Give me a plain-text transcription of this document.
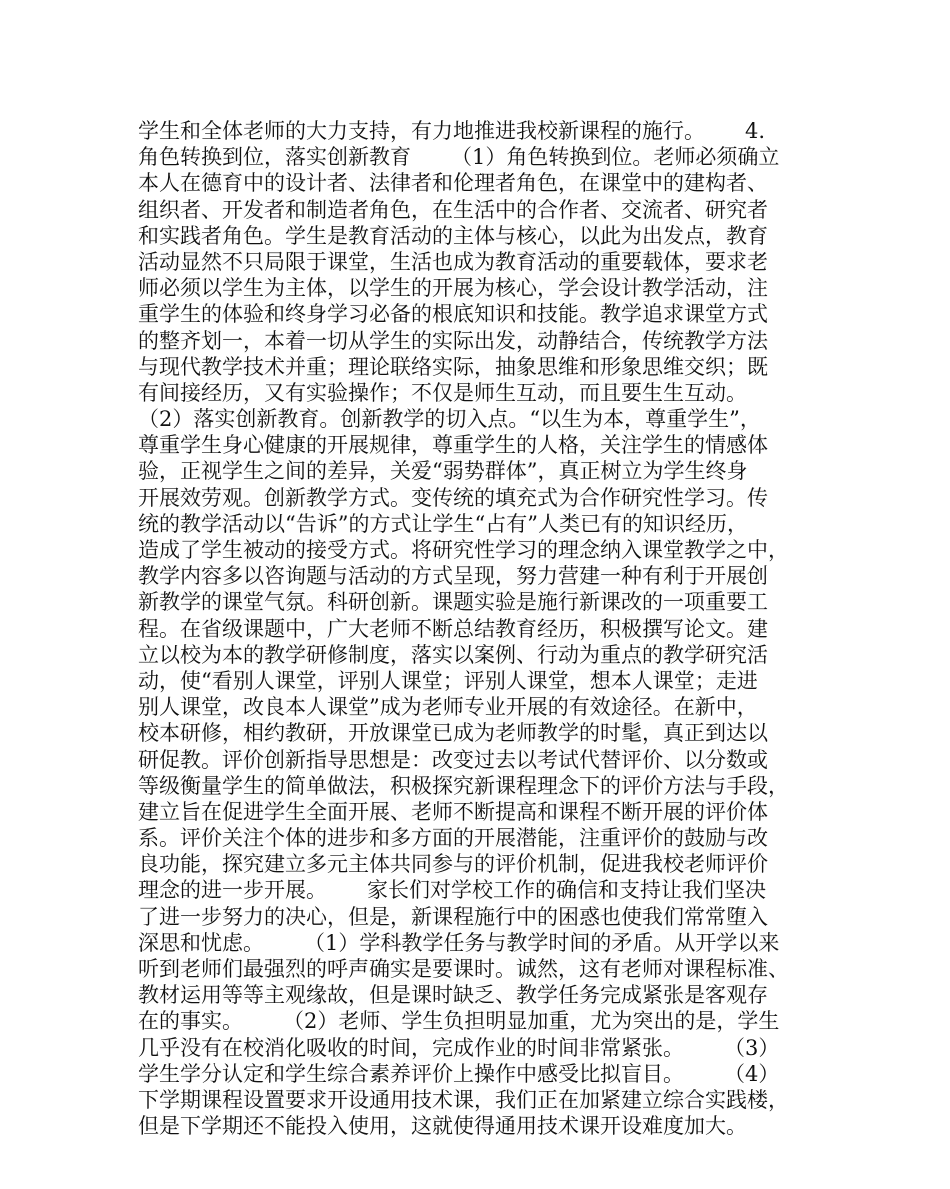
学生和全体老师的大力支持，有力地推进我校新课程的施行。      4.
角色转换到位，落实创新教育      （1）角色转换到位。老师必须确立
本人在德育中的设计者、法律者和伦理者角色，在课堂中的建构者、
组织者、开发者和制造者角色，在生活中的合作者、交流者、研究者
和实践者角色。学生是教育活动的主体与核心，以此为出发点，教育
活动显然不只局限于课堂，生活也成为教育活动的重要载体，要求老
师必须以学生为主体，以学生的开展为核心，学会设计教学活动，注
重学生的体验和终身学习必备的根底知识和技能。教学追求课堂方式
的整齐划一，本着一切从学生的实际出发，动静结合，传统教学方法
与现代教学技术并重；理论联络实际，抽象思维和形象思维交织；既
有间接经历，又有实验操作；不仅是师生互动，而且要生生互动。
（2）落实创新教育。创新教学的切入点。“以生为本，尊重学生”，
尊重学生身心健康的开展规律，尊重学生的人格，关注学生的情感体
验，正视学生之间的差异，关爱“弱势群体”，真正树立为学生终身
开展效劳观。创新教学方式。变传统的填充式为合作研究性学习。传
统的教学活动以“告诉”的方式让学生“占有”人类已有的知识经历，
造成了学生被动的接受方式。将研究性学习的理念纳入课堂教学之中，
教学内容多以咨询题与活动的方式呈现，努力营建一种有利于开展创
新教学的课堂气氛。科研创新。课题实验是施行新课改的一项重要工
程。在省级课题中，广大老师不断总结教育经历，积极撰写论文。建
立以校为本的教学研修制度，落实以案例、行动为重点的教学研究活
动，使“看别人课堂，评别人课堂；评别人课堂，想本人课堂；走进
别人课堂，改良本人课堂”成为老师专业开展的有效途径。在新中，
校本研修，相约教研，开放课堂已成为老师教学的时髦，真正到达以
研促教。评价创新指导思想是：改变过去以考试代替评价、以分数或
等级衡量学生的简单做法，积极探究新课程理念下的评价方法与手段，
建立旨在促进学生全面开展、老师不断提高和课程不断开展的评价体
系。评价关注个体的进步和多方面的开展潜能，注重评价的鼓励与改
良功能，探究建立多元主体共同参与的评价机制，促进我校老师评价
理念的进一步开展。      家长们对学校工作的确信和支持让我们坚决
了进一步努力的决心，但是，新课程施行中的困惑也使我们常常堕入
深思和忧虑。      （1）学科教学任务与教学时间的矛盾。从开学以来
听到老师们最强烈的呼声确实是要课时。诚然，这有老师对课程标准、
教材运用等等主观缘故，但是课时缺乏、教学任务完成紧张是客观存
在的事实。      （2）老师、学生负担明显加重，尤为突出的是，学生
几乎没有在校消化吸收的时间，完成作业的时间非常紧张。      （3）
学生学分认定和学生综合素养评价上操作中感受比拟盲目。      （4）
下学期课程设置要求开设通用技术课，我们正在加紧建立综合实践楼，
但是下学期还不能投入使用，这就使得通用技术课开设难度加大。
